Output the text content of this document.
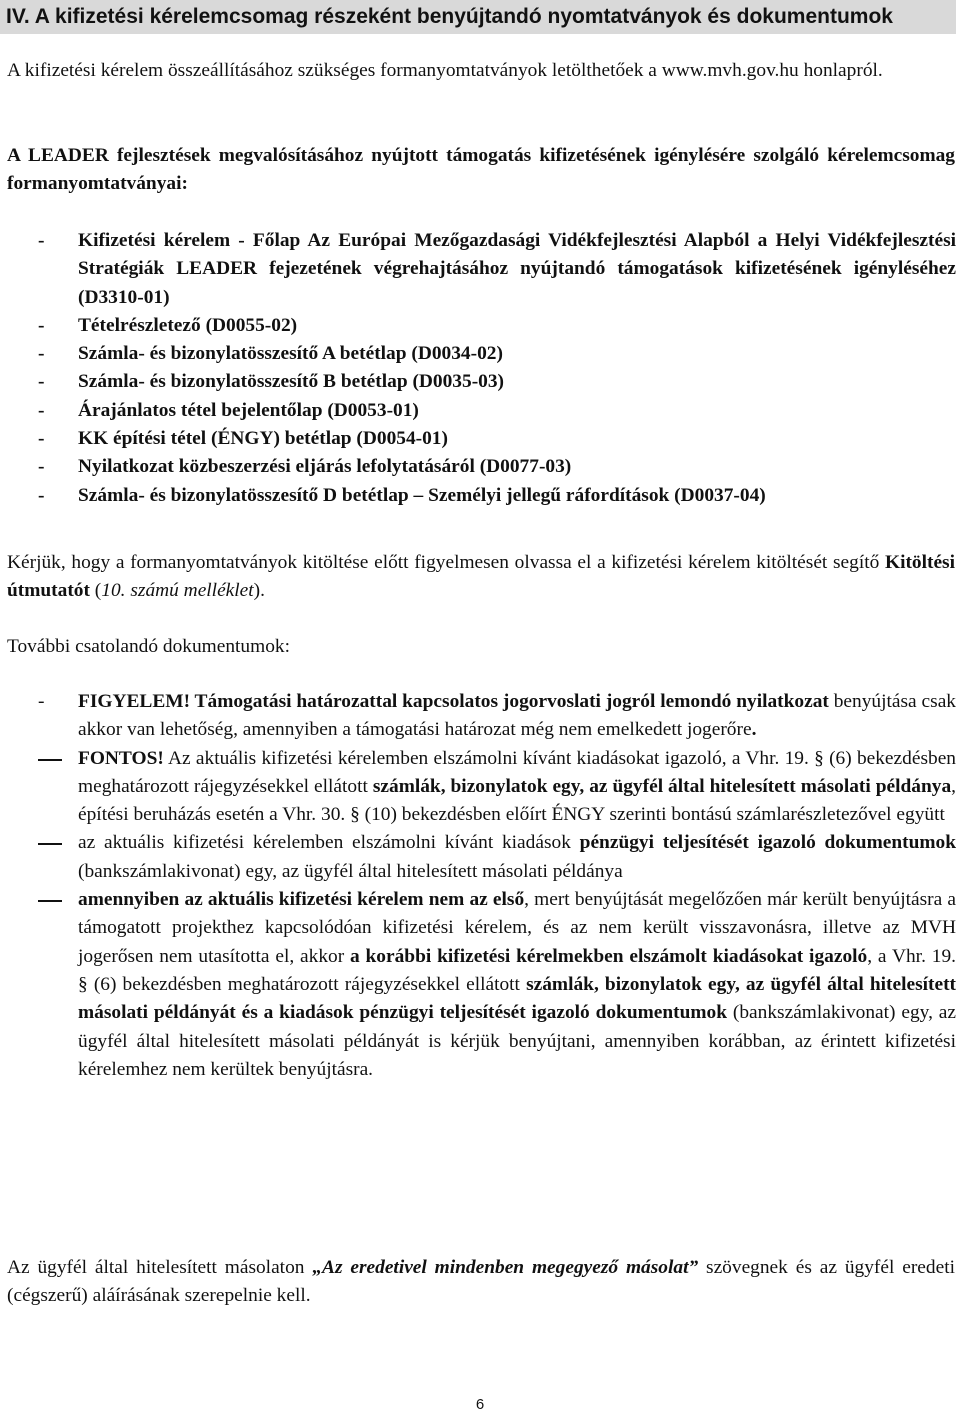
IV. A kifizetési kérelemcsomag részeként benyújtandó nyomtatványok és dokumentumok
A kifizetési kérelem összeállításához szükséges formanyomtatványok letölthetőek a www.mvh.gov.hu honlapról.
A LEADER fejlesztések megvalósításához nyújtott támogatás kifizetésének igénylésére szolgáló kérelemcsomag formanyomtatványai:
- Kifizetési kérelem - Főlap Az Európai Mezőgazdasági Vidékfejlesztési Alapból a Helyi Vidékfejlesztési Stratégiák LEADER fejezetének végrehajtásához nyújtandó támogatások kifizetésének igényléséhez (D3310-01)
- Tételrészletező (D0055-02)
- Számla- és bizonylatösszesítő A betétlap (D0034-02)
- Számla- és bizonylatösszesítő B betétlap (D0035-03)
- Árajánlatos tétel bejelentőlap (D0053-01)
- KK építési tétel (ÉNGY) betétlap (D0054-01)
- Nyilatkozat közbeszerzési eljárás lefolytatásáról (D0077-03)
- Számla- és bizonylatösszesítő D betétlap – Személyi jellegű ráfordítások (D0037-04)
Kérjük, hogy a formanyomtatványok kitöltése előtt figyelmesen olvassa el a kifizetési kérelem kitöltését segítő Kitöltési útmutatót (10. számú melléklet).
További csatolandó dokumentumok:
- FIGYELEM! Támogatási határozattal kapcsolatos jogorvoslati jogról lemondó nyilatkozat benyújtása csak akkor van lehetőség, amennyiben a támogatási határozat még nem emelkedett jogerőre.
FONTOS! Az aktuális kifizetési kérelemben elszámolni kívánt kiadásokat igazoló, a Vhr. 19. § (6) bekezdésben meghatározott rájegyzésekkel ellátott számlák, bizonylatok egy, az ügyfél által hitelesített másolati példánya, építési beruházás esetén a Vhr. 30. § (10) bekezdésben előírt ÉNGY szerinti bontású számlarészletezővel együtt
az aktuális kifizetési kérelemben elszámolni kívánt kiadások pénzügyi teljesítését igazoló dokumentumok (bankszámlakivonat) egy, az ügyfél által hitelesített másolati példánya
amennyiben az aktuális kifizetési kérelem nem az első, mert benyújtását megelőzően már került benyújtásra a támogatott projekthez kapcsolódóan kifizetési kérelem, és az nem került visszavonásra, illetve az MVH jogerősen nem utasította el, akkor a korábbi kifizetési kérelmekben elszámolt kiadásokat igazoló, a Vhr. 19. § (6) bekezdésben meghatározott rájegyzésekkel ellátott számlák, bizonylatok egy, az ügyfél által hitelesített másolati példányát és a kiadások pénzügyi teljesítését igazoló dokumentumok (bankszámlakivonat) egy, az ügyfél által hitelesített másolati példányát is kérjük benyújtani, amennyiben korábban, az érintett kifizetési kérelemhez nem kerültek benyújtásra.
Az ügyfél által hitelesített másolaton „Az eredetivel mindenben megegyező másolat” szövegnek és az ügyfél eredeti (cégszerű) aláírásának szerepelnie kell.
6
